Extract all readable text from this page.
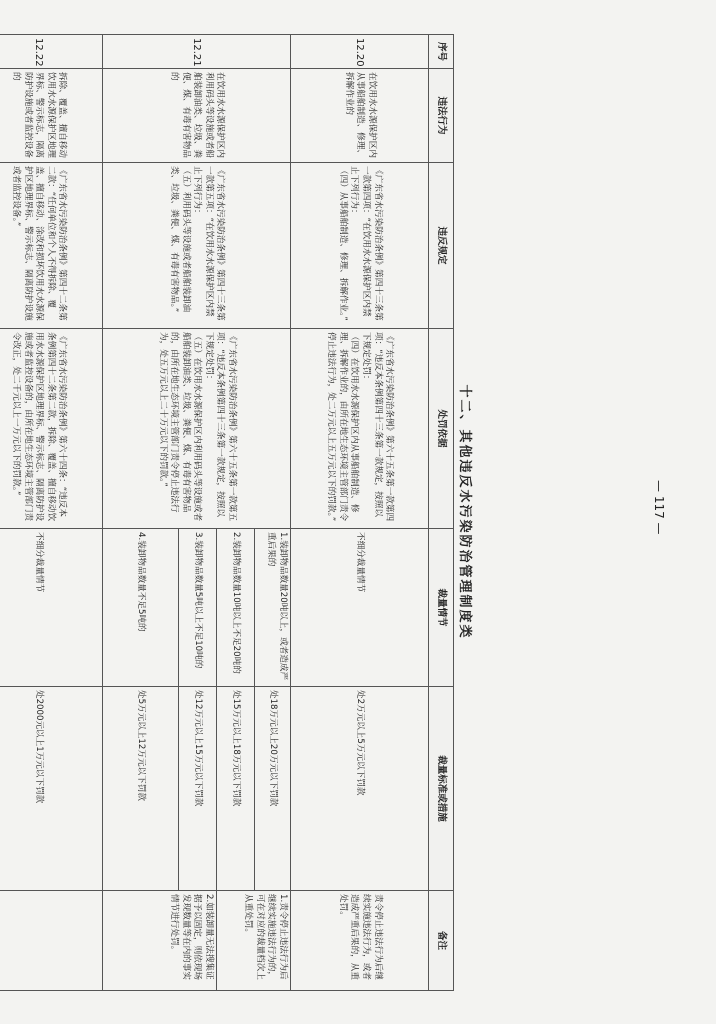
十二、其他违反水污染防治管理制度类	— 117 —
序号	违法行为	违反规定	处罚依据	裁量情节	裁量标准或措施	备注
12.20	在饮用水水源保护区内从事船舶制造、修理、拆解作业的	《广东省水污染防治条例》第四十三条第一款第四项：“在饮用水水源保护区内禁止下列行为：
（四）从事船舶制造、修理、拆解作业。”	《广东省水污染防治条例》第六十五条第一款第四项：“违反本条例第四十三条第一款规定，按照以下规定处罚：
（四）在饮用水水源保护区内从事船舶制造、修理、拆解作业的，由所在地生态环境主管部门责令停止违法行为，处二万元以上五万元以下的罚款。”	不细分裁量情节	处2万元以上5万元以下罚款	责令停止违法行为后继续实施违法行为，或者造成严重后果的，从重处罚。
12.21	在饮用水水源保护区内利用码头等设施或者船舶装卸油类、垃圾、粪便、煤、有毒有害物品的	《广东省水污染防治条例》第四十三条第一款第五项：“在饮用水水源保护区内禁止下列行为：
（五）利用码头等设施或者船舶装卸油类、垃圾、粪便、煤、有毒有害物品。”	《广东省水污染防治条例》第六十五条第一款第五项：“违反本条例第四十三条第一款规定，按照以下规定处罚：
（五）在饮用水水源保护区内利用码头等设施或者船舶装卸油类、垃圾、粪便、煤、有毒有害物品的，由所在地生态环境主管部门责令停止违法行为，处五万元以上二十万元以下的罚款。”	1.装卸物品数量20吨以上，或者造成严重后果的	处18万元以上20万元以下罚款	1.责令停止违法行为后继续实施违法行为的，可在对应的裁量档次上从重处罚。
				2.装卸物品数量10吨以上不足20吨的	处15万元以上18万元以下罚款	
				3.装卸物品数量5吨以上不足10吨的	处12万元以上15万元以下罚款	2.如装卸量无法搜集证据予以固定，则依现场发现数量等在内的事实情节进行处罚。
				4.装卸物品数量不足5吨的	处5万元以上12万元以下罚款	
12.22	拆除、覆盖、擅自移动饮用水水源保护区地理界标、警示标志，隔离防护设施或者监控设备的	《广东省水污染防治条例》第四十二条第二款：“任何单位和个人不得拆除、覆盖、擅自移动、涂改和损坏饮用水水源保护区地理界标、警示标志、隔离防护设施或者监控设备。”	《广东省水污染防治条例》第六十四条：“违反本条例第四十二条第二款，拆除、覆盖、擅自移动饮用水水源保护区地理界标、警示标志、隔离防护设施或者监控设备的，由所在地生态环境主管部门责令改正，处二千元以上一万元以下的罚款。”	不细分裁量情节	处2000元以上1万元以下罚款	
